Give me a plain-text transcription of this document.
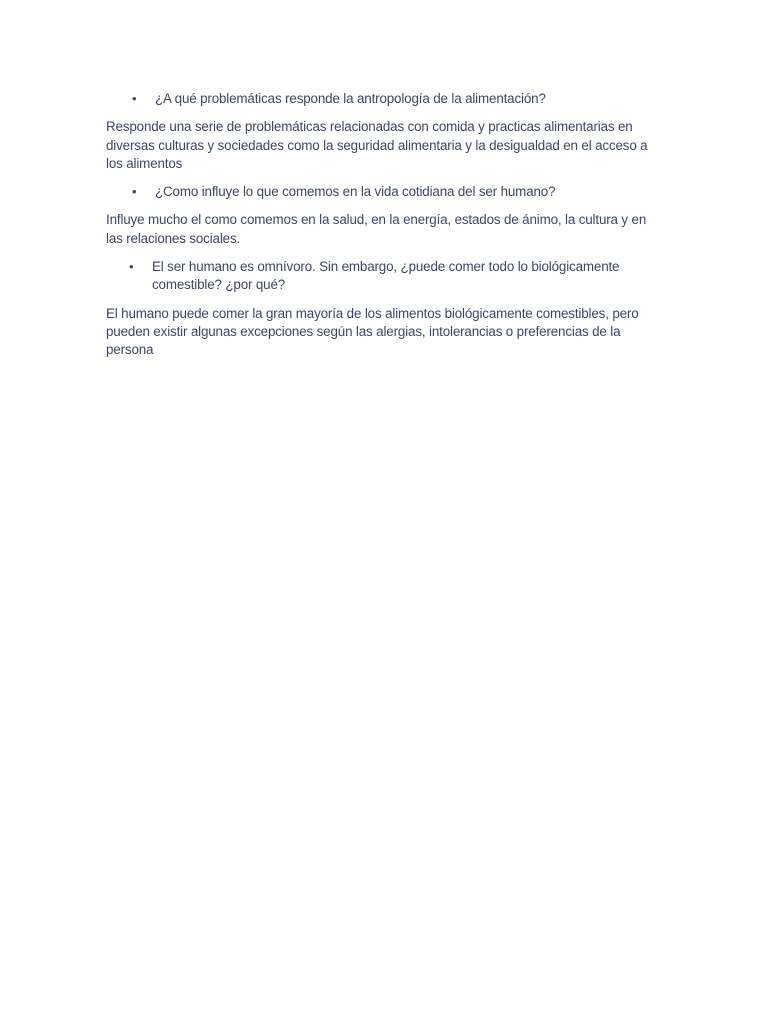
•	¿A qué problemáticas responde la antropología de la alimentación?

Responde una serie de problemáticas relacionadas con comida y practicas alimentarias en diversas culturas y sociedades como la seguridad alimentaria y la desigualdad en el acceso a los alimentos

•	¿Como influye lo que comemos en la vida cotidiana del ser humano?

Influye mucho el como comemos en la salud, en la energía, estados de ánimo, la cultura y en las relaciones sociales.

•	El ser humano es omnívoro. Sin embargo, ¿puede comer todo lo biológicamente comestible? ¿por qué?

El humano puede comer la gran mayoría de los alimentos biológicamente comestibles, pero pueden existir algunas excepciones según las alergias, intolerancias o preferencias de la persona
